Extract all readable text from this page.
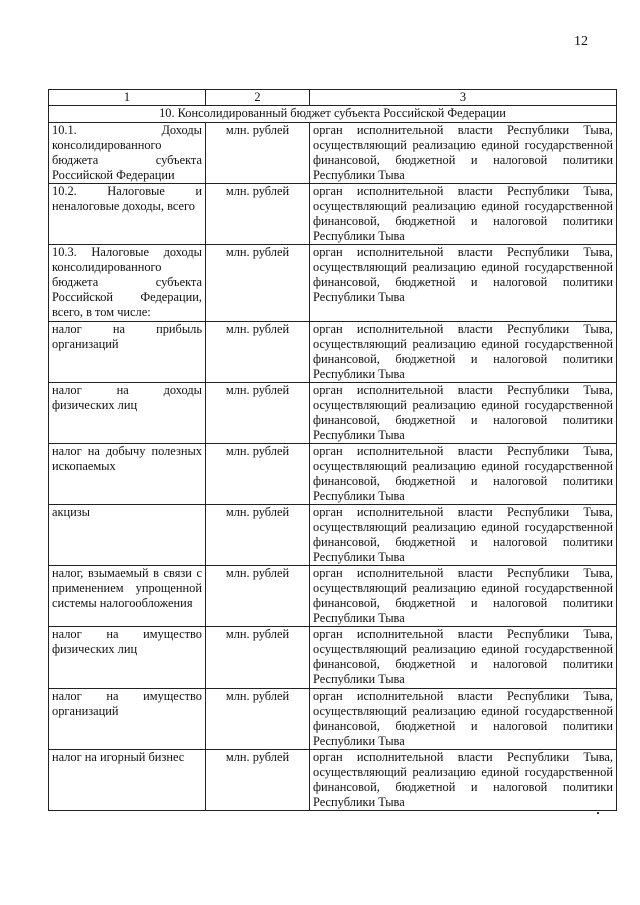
12
1	2	3
10. Консолидированный бюджет субъекта Российской Федерации		
10.1. Доходы консолидированного бюджета субъекта Российской Федерации	млн. рублей	орган исполнительной власти Республики Тыва, осуществляющий реализацию единой государственной финансовой, бюджетной и налоговой политики Республики Тыва
10.2. Налоговые и неналоговые доходы, всего	млн. рублей	орган исполнительной власти Республики Тыва, осуществляющий реализацию единой государственной финансовой, бюджетной и налоговой политики Республики Тыва
10.3. Налоговые доходы консолидированного бюджета субъекта Российской Федерации, всего, в том числе:	млн. рублей	орган исполнительной власти Республики Тыва, осуществляющий реализацию единой государственной финансовой, бюджетной и налоговой политики Республики Тыва
налог на прибыль организаций	млн. рублей	орган исполнительной власти Республики Тыва, осуществляющий реализацию единой государственной финансовой, бюджетной и налоговой политики Республики Тыва
налог на доходы физических лиц	млн. рублей	орган исполнительной власти Республики Тыва, осуществляющий реализацию единой государственной финансовой, бюджетной и налоговой политики Республики Тыва
налог на добычу полезных ископаемых	млн. рублей	орган исполнительной власти Республики Тыва, осуществляющий реализацию единой государственной финансовой, бюджетной и налоговой политики Республики Тыва
акцизы	млн. рублей	орган исполнительной власти Республики Тыва, осуществляющий реализацию единой государственной финансовой, бюджетной и налоговой политики Республики Тыва
налог, взымаемый в связи с применением упрощенной системы налогообложения	млн. рублей	орган исполнительной власти Республики Тыва, осуществляющий реализацию единой государственной финансовой, бюджетной и налоговой политики Республики Тыва
налог на имущество физических лиц	млн. рублей	орган исполнительной власти Республики Тыва, осуществляющий реализацию единой государственной финансовой, бюджетной и налоговой политики Республики Тыва
налог на имущество организаций	млн. рублей	орган исполнительной власти Республики Тыва, осуществляющий реализацию единой государственной финансовой, бюджетной и налоговой политики Республики Тыва
налог на игорный бизнес	млн. рублей	орган исполнительной власти Республики Тыва, осуществляющий реализацию единой государственной финансовой, бюджетной и налоговой политики Республики Тыва
